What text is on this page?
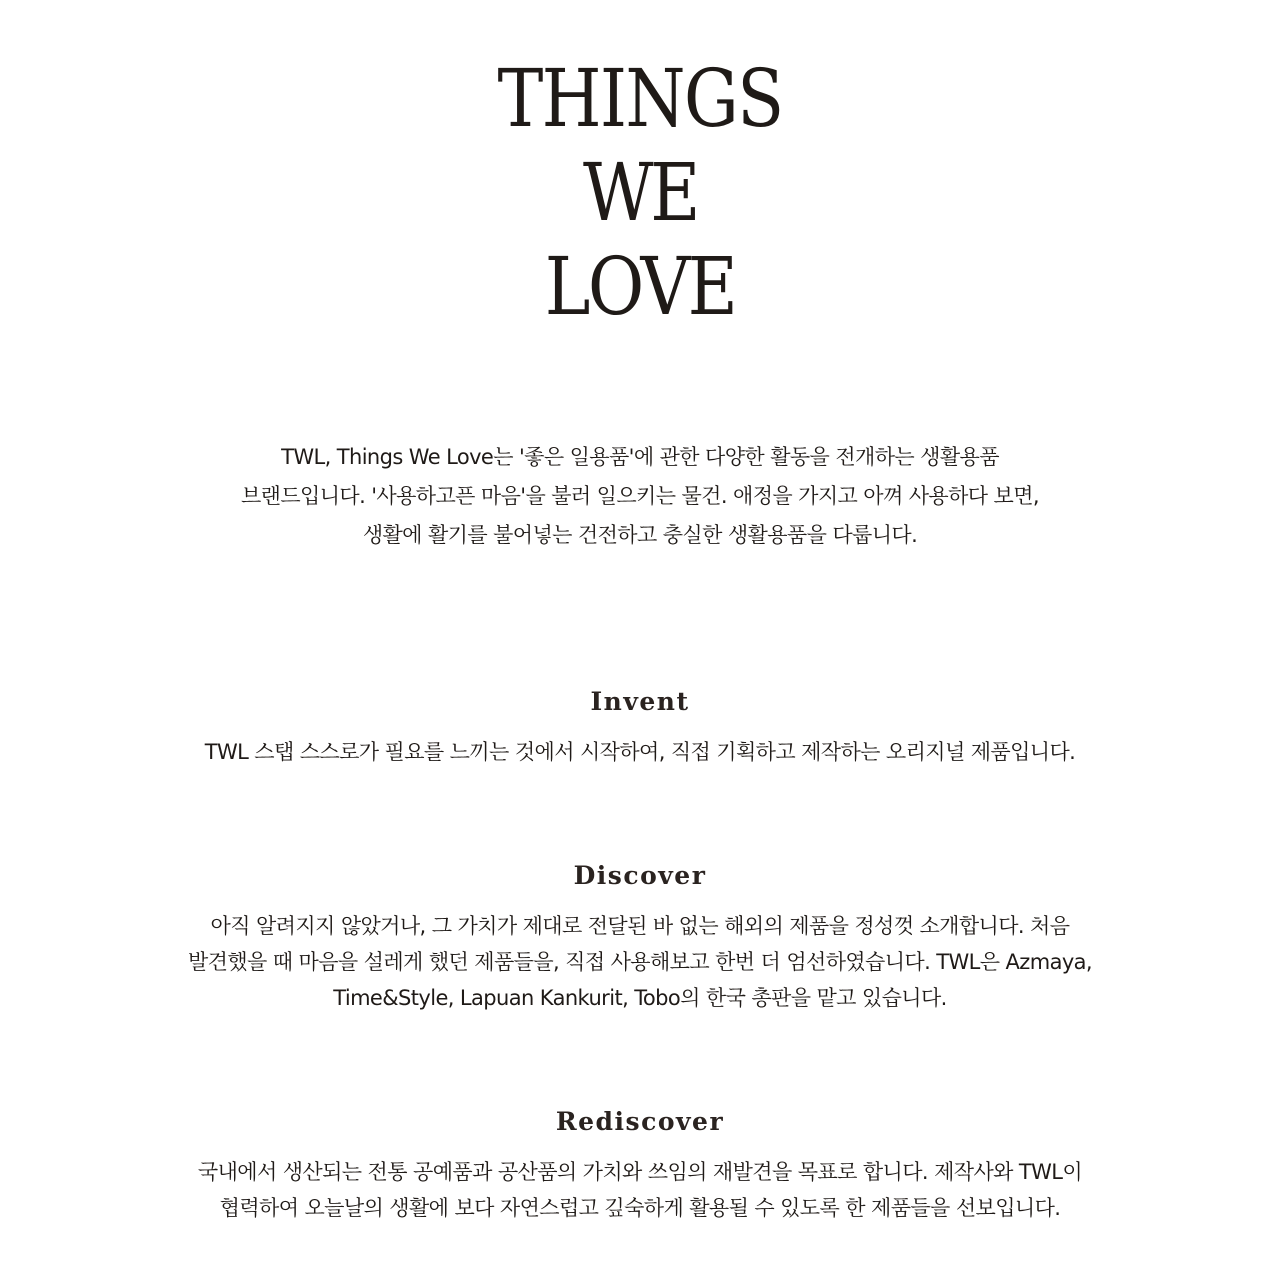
THINGS
WE
LOVE
TWL, Things We Love는 '좋은 일용품'에 관한 다양한 활동을 전개하는 생활용품
브랜드입니다. '사용하고픈 마음'을 불러 일으키는 물건. 애정을 가지고 아껴 사용하다 보면,
생활에 활기를 불어넣는 건전하고 충실한 생활용품을 다룹니다.
Invent
TWL 스탭 스스로가 필요를 느끼는 것에서 시작하여, 직접 기획하고 제작하는 오리지널 제품입니다.
Discover
아직 알려지지 않았거나, 그 가치가 제대로 전달된 바 없는 해외의 제품을 정성껏 소개합니다. 처음
발견했을 때 마음을 설레게 했던 제품들을, 직접 사용해보고 한번 더 엄선하였습니다. TWL은 Azmaya,
Time&Style, Lapuan Kankurit, Tobo의 한국 총판을 맡고 있습니다.
Rediscover
국내에서 생산되는 전통 공예품과 공산품의 가치와 쓰임의 재발견을 목표로 합니다. 제작사와 TWL이
협력하여 오늘날의 생활에 보다 자연스럽고 깊숙하게 활용될 수 있도록 한 제품들을 선보입니다.
